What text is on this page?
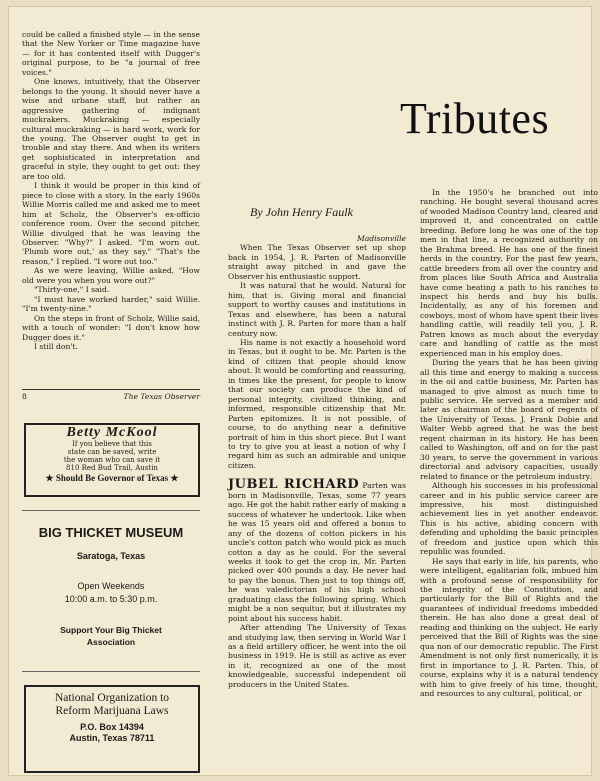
Tributes
By John Henry Faulk

could be called a finished style — in the sense that the New Yorker or Time magazine have — for it has contented itself with Dugger's original purpose, to be "a journal of free voices."

One knows, intuitively, that the Observer belongs to the young. It should never have a wise and urbane staff, but rather an aggressive gathering of indignant muckrakers. Muckraking — especially cultural muckraking — is hard work, work for the young. The Observer ought to get in trouble and stay there. And when its writers get sophisticated in interpretation and graceful in style, they ought to get out: they are too old.

I think it would be proper in this kind of piece to close with a story. In the early 1960s Willie Morris called me and asked me to meet him at Scholz, the Observer's ex-officio conference room. Over the second pitcher, Willie divulged that he was leaving the Observer. "Why?" I asked. "I'm worn out. 'Plumb wore out,' as they say." "That's the reason," I replied. "I wore out too."

As we were leaving, Willie asked, "How old were you when you wore out?"

"Thirty-one," I said.

"I must have worked harder," said Willie. "I'm twenty-nine."

On the steps in front of Scholz, Willie said, with a touch of wonder: "I don't know how Dugger does it."

I still don't.

8	The Texas Observer
Betty McKool
If you believe that this
state can be saved, write
the woman who can save it
810 Red Bud Trail, Austin
★ Should Be Governor of Texas ★
BIG THICKET MUSEUM
Saratoga, Texas
Open Weekends
10:00 a.m. to 5:30 p.m.
Support Your Big Thicket
Association
National Organization to
Reform Marijuana Laws
P.O. Box 14394
Austin, Texas 78711

Madisonville

When The Texas Observer set up shop back in 1954, J. R. Parten of Madisonville straight away pitched in and gave the Observer his enthusiastic support.

It was natural that he would. Natural for him, that is. Giving moral and financial support to worthy causes and institutions in Texas and elsewhere, has been a natural instinct with J. R. Parten for more than a half century now.

His name is not exactly a household word in Texas, but it ought to be. Mr. Parten is the kind of citizen that people should know about. It would be comforting and reassuring, in times like the present, for people to know that our society can produce the kind of personal integrity, civilized thinking, and informed, responsible citizenship that Mr. Parten epitomizes. It is not possible, of course, to do anything near a definitive portrait of him in this short piece. But I want to try to give you at least a notion of why I regard him as such an admirable and unique citizen.

JUBEL RICHARD Parten was born in Madisonville, Texas, some 77 years ago. He got the habit rather early of making a success of whatever he undertook. Like when he was 15 years old and offered a bonus to any of the dozens of cotton pickers in his uncle's cotton patch who would pick as much cotton a day as he could. For the several weeks it took to get the crop in, Mr. Parten picked over 400 pounds a day. He never had to pay the bonus. Then just to top things off, he was valedictorian of his high school graduating class the following spring. Which might be a non sequitur, but it illustrates my point about his success habit.

After attending The University of Texas and studying law, then serving in World War I as a field artillery officer, he went into the oil business in 1919. He is still as active as ever in it, recognized as one of the most knowledgeable, successful independent oil producers in the United States.

In the 1950's he branched out into ranching. He bought several thousand acres of wooded Madison Country land, cleared and improved it, and concentrated on cattle breeding. Before long he was one of the top men in that line, a recognized authority on the Brahma breed. He has one of the finest herds in the country. For the past few years, cattle breeders from all over the country and from places like South Africa and Australia have come beating a path to his ranches to inspect his herds and buy his bulls. Incidentally, as any of his foremen and cowboys, most of whom have spent their lives handling cattle, will readily tell you, J. R. Patren knows as much about the everyday care and handling of cattle as the most experienced man in his employ does.

During the years that he has been giving all this time and energy to making a success in the oil and cattle business, Mr. Parten has managed to give almost as much time to public service. He served as a member and later as chairman of the board of regents of the University of Texas. J. Frank Dobie and Walter Webb agreed that he was the best regent chairman in its history. He has been called to Washington, off and on for the past 30 years, to serve the government in various directorial and advisory capacities, usually related to finance or the petroleum industry.

Although his successes in his professional career and in his public service career are impressive, his most distinguished achievement lies in yet another endeavor. This is his active, abiding concern with defending and upholding the basic principles of freedom and justice upon which this republic was founded.

He says that early in life, his parents, who were intelligent, egalitarian folk, imbued him with a profound sense of responsibility for the integrity of the Constitution, and particularly for the Bill of Rights and the guarantees of individual freedoms imbedded therein. He has also done a great deal of reading and thinking on the subject. He early perceived that the Bill of Rights was the sine qua non of our democratic republic. The First Amendment is not only first numerically, it is first in importance to J. R. Parten. This, of course, explains why it is a natural tendency with him to give freely of his time, thought, and resources to any cultural, political, or
